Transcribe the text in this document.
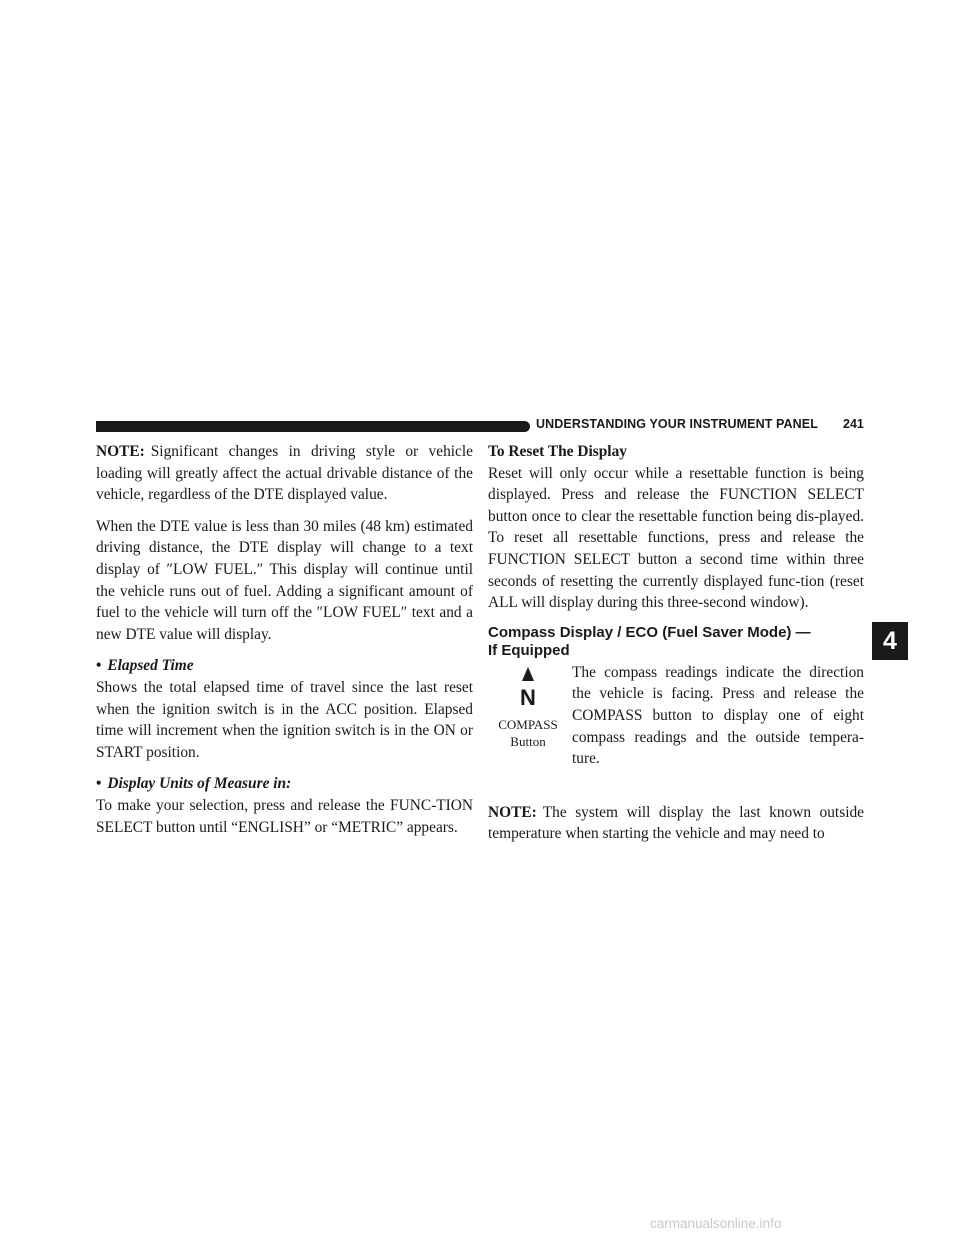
UNDERSTANDING YOUR INSTRUMENT PANEL 241

NOTE: Significant changes in driving style or vehicle loading will greatly affect the actual drivable distance of the vehicle, regardless of the DTE displayed value.

When the DTE value is less than 30 miles (48 km) estimated driving distance, the DTE display will change to a text display of ″LOW FUEL.″ This display will continue until the vehicle runs out of fuel. Adding a significant amount of fuel to the vehicle will turn off the ″LOW FUEL″ text and a new DTE value will display.

• Elapsed Time

Shows the total elapsed time of travel since the last reset when the ignition switch is in the ACC position. Elapsed time will increment when the ignition switch is in the ON or START position.

• Display Units of Measure in:

To make your selection, press and release the FUNC-TION SELECT button until “ENGLISH” or “METRIC” appears.

To Reset The Display

Reset will only occur while a resettable function is being displayed. Press and release the FUNCTION SELECT button once to clear the resettable function being dis-played. To reset all resettable functions, press and release the FUNCTION SELECT button a second time within three seconds of resetting the currently displayed func-tion (reset ALL will display during this three-second window).

Compass Display / ECO (Fuel Saver Mode) —
If Equipped
N
COMPASS
Button

The compass readings indicate the direction the vehicle is facing. Press and release the COMPASS button to display one of eight compass readings and the outside tempera-ture.

NOTE: The system will display the last known outside temperature when starting the vehicle and may need to

4
carmanualsonline.info
